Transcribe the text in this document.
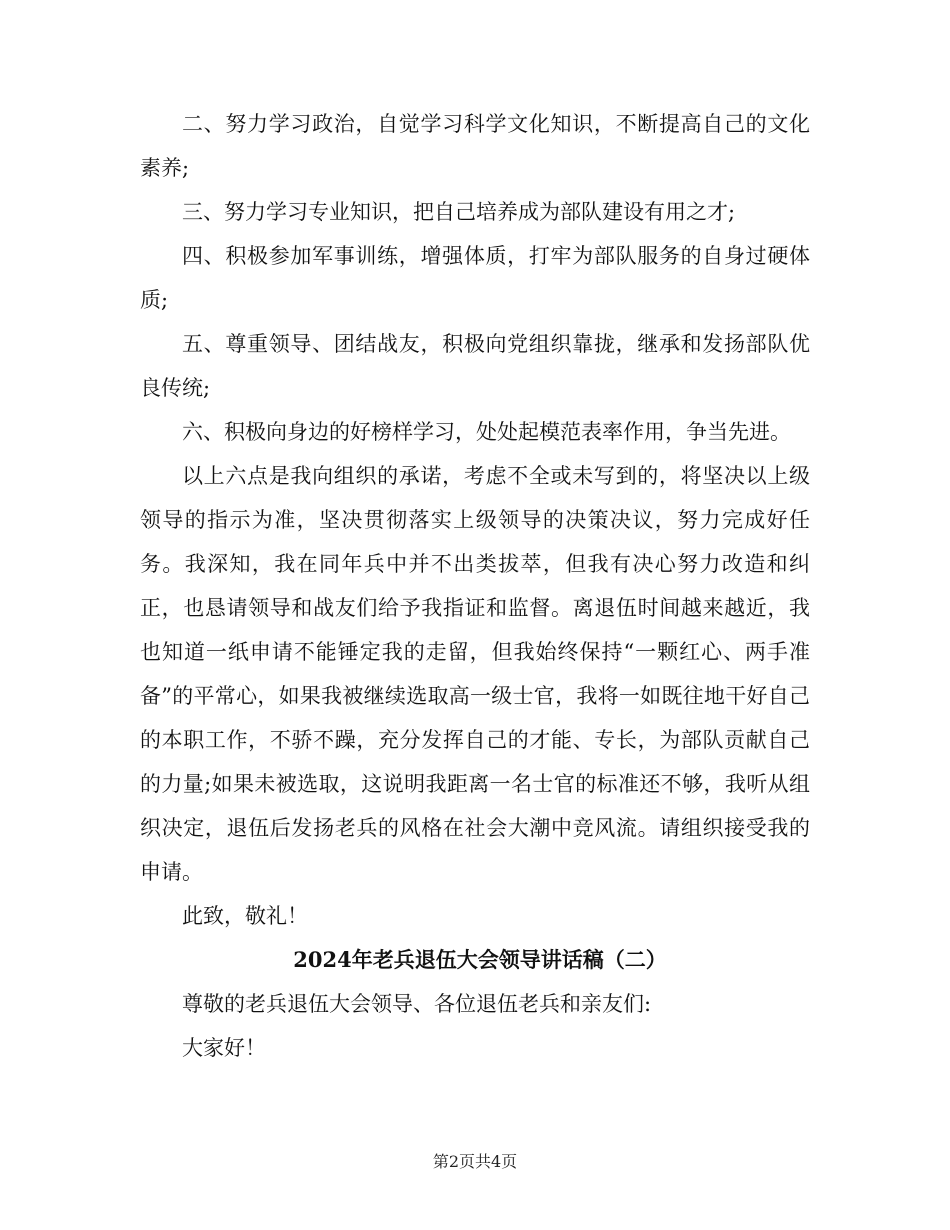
二、努力学习政治，自觉学习科学文化知识，不断提高自己的文化素养;

三、努力学习专业知识，把自己培养成为部队建设有用之才;

四、积极参加军事训练，增强体质，打牢为部队服务的自身过硬体质;

五、尊重领导、团结战友，积极向党组织靠拢，继承和发扬部队优良传统;

六、积极向身边的好榜样学习，处处起模范表率作用，争当先进。

以上六点是我向组织的承诺，考虑不全或未写到的，将坚决以上级领导的指示为准，坚决贯彻落实上级领导的决策决议，努力完成好任务。我深知，我在同年兵中并不出类拔萃，但我有决心努力改造和纠正，也恳请领导和战友们给予我指证和监督。离退伍时间越来越近，我也知道一纸申请不能锤定我的走留，但我始终保持“一颗红心、两手准备”的平常心，如果我被继续选取高一级士官，我将一如既往地干好自己的本职工作，不骄不躁，充分发挥自己的才能、专长，为部队贡献自己的力量;如果未被选取，这说明我距离一名士官的标准还不够，我听从组织决定，退伍后发扬老兵的风格在社会大潮中竞风流。请组织接受我的申请。

此致，敬礼！

2024年老兵退伍大会领导讲话稿（二）

尊敬的老兵退伍大会领导、各位退伍老兵和亲友们:

大家好！

第2页共4页
